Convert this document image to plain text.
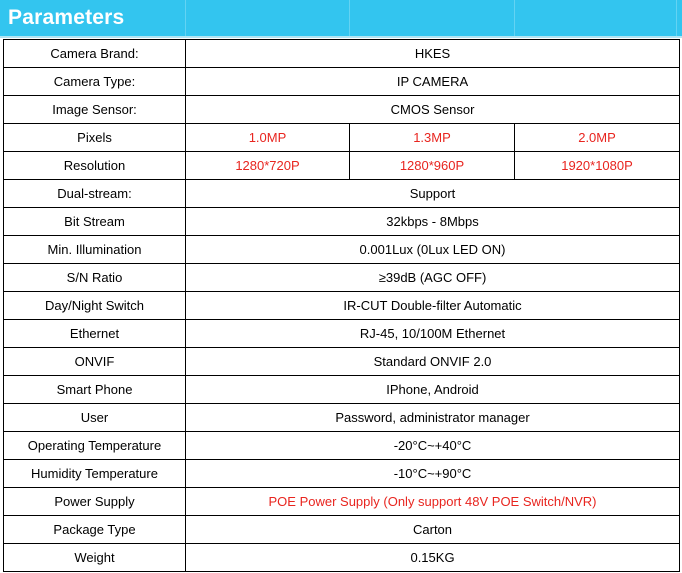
Parameters
Camera Brand:	HKES		
Camera Type:	IP CAMERA		
Image Sensor:	CMOS Sensor		
Pixels	1.0MP	1.3MP	2.0MP
Resolution	1280*720P	1280*960P	1920*1080P
Dual-stream:	Support		
Bit Stream	32kbps - 8Mbps		
Min. Illumination	0.001Lux (0Lux LED ON)		
S/N Ratio	≥39dB (AGC OFF)		
Day/Night Switch	IR-CUT Double-filter Automatic		
Ethernet	RJ-45, 10/100M Ethernet		
ONVIF	Standard ONVIF 2.0		
Smart Phone	IPhone, Android		
User	Password, administrator manager		
Operating Temperature	-20°C~+40°C		
Humidity Temperature	-10°C~+90°C		
Power Supply	POE Power Supply (Only support 48V POE Switch/NVR)		
Package Type	Carton		
Weight	0.15KG		
